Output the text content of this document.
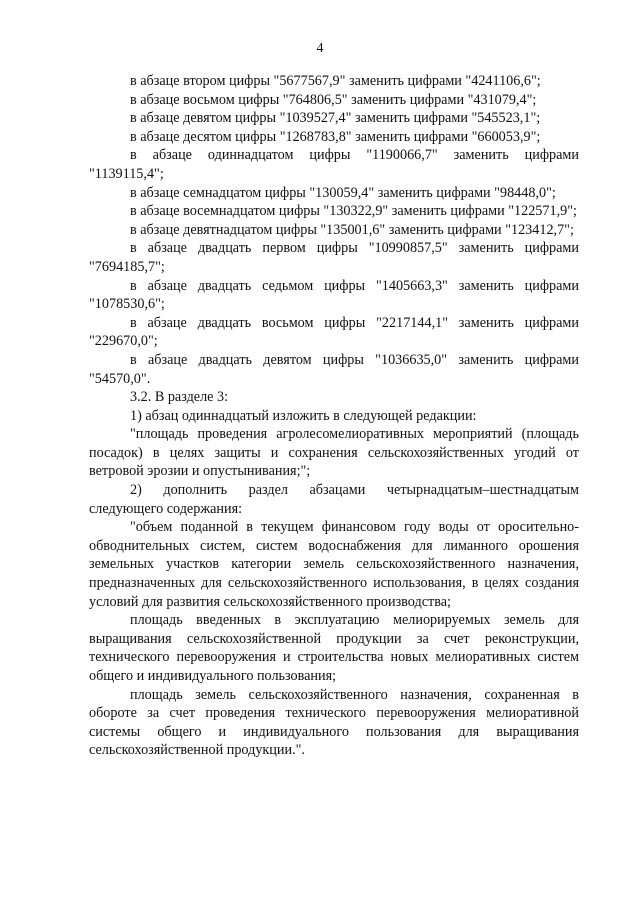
4

в абзаце втором цифры "5677567,9" заменить цифрами "4241106,6";

в абзаце восьмом цифры "764806,5" заменить цифрами "431079,4";

в абзаце девятом цифры "1039527,4" заменить цифрами "545523,1";

в абзаце десятом цифры "1268783,8" заменить цифрами "660053,9";

в абзаце одиннадцатом цифры "1190066,7" заменить цифрами "1139115,4";

в абзаце семнадцатом цифры "130059,4" заменить цифрами "98448,0";

в абзаце восемнадцатом цифры "130322,9" заменить цифрами "122571,9";

в абзаце девятнадцатом цифры "135001,6" заменить цифрами "123412,7";

в абзаце двадцать первом цифры "10990857,5" заменить цифрами "7694185,7";

в абзаце двадцать седьмом цифры "1405663,3" заменить цифрами "1078530,6";

в абзаце двадцать восьмом цифры "2217144,1" заменить цифрами "229670,0";

в абзаце двадцать девятом цифры "1036635,0" заменить цифрами "54570,0".

3.2. В разделе 3:

1) абзац одиннадцатый изложить в следующей редакции:

"площадь проведения агролесомелиоративных мероприятий (площадь посадок) в целях защиты и сохранения сельскохозяйственных угодий от ветровой эрозии и опустынивания;";

2) дополнить раздел абзацами четырнадцатым–шестнадцатым следующего содержания:

"объем поданной в текущем финансовом году воды от оросительно-обводнительных систем, систем водоснабжения для лиманного орошения земельных участков категории земель сельскохозяйственного назначения, предназначенных для сельскохозяйственного использования, в целях создания условий для развития сельскохозяйственного производства;

площадь введенных в эксплуатацию мелиорируемых земель для выращивания сельскохозяйственной продукции за счет реконструкции, технического перевооружения и строительства новых мелиоративных систем общего и индивидуального пользования;

площадь земель сельскохозяйственного назначения, сохраненная в обороте за счет проведения технического перевооружения мелиоративной системы общего и индивидуального пользования для выращивания сельскохозяйственной продукции.".
